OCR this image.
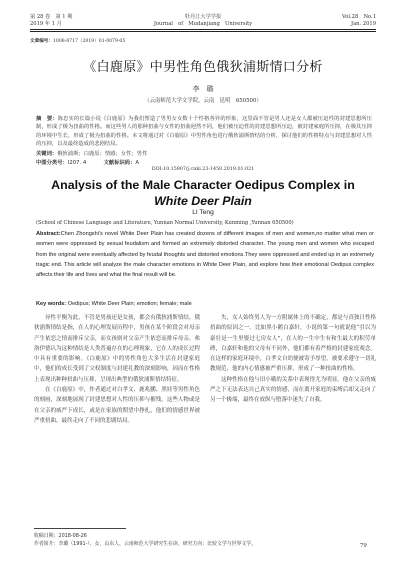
第 28 卷　第 1 期
2019 年 1 月
牡丹江大学学报
Journal　of　Mudanjiang　University
Vol.28　No.1
Jan. 2019
文章编号：1008-8717（2019）01-0079-05
《白鹿原》中男性角色俄狄浦斯情口分析
李　璐
（云南师范大学文学院，云南　昆明　650500）
摘　要：陈忠实的长篇小说《白鹿原》为我们塑造了男男女女数十个性格各异的形象，这里面不管是男人还是女人都被压迫性的封建思想所压制，形成了极为扭曲的性格。而这些男人的那种扭曲与女性的扭曲迥然不同，他们被压迫性的封建思想所压迫，被封建家庭所压抑，在极其压抑的环境中生长，形成了极为扭曲的性格。本文将通过对《白鹿原》中男性角色进行俄狄浦斯情结的分析，探讨他们的性格特点与封建思想对人性的压抑，以及最终造成的悲剧结局。
关键词：俄狄浦斯；白鹿原；情感；女性；男性
中图分类号：I207. 4	文献标识码：A
DOI:10.15907/j.cnki.23-1450.2019.01.021
Analysis of the Male Character Oedipus Complex in
White Deer Plain
LI Teng
(School of Chinese Language and Literature, Yunnan Normal University, Kunming ,Yunnan 650500)
Abstract:Chen Zhongshi's novel White Deer Plain has created dozens of different images of men and women,no matter what men or women were oppressed by sexual feudalism and formed an extremely distorted character. The young men and women who escaped from the original were eventually affected by feudal thoughts and distorted emotions.They were oppressed and ended up in an extremely tragic end. This article will analyze the male character emotions in White Deer Plain, and explore how their emotional Oedipus complex affects their life and lives and what the final result will be.
Key words: Oedipus; White Deer Plain; emotion; female; male

异性平衡为此，不管是男孩还是女孩，都会有俄狄浦斯情结。俄狄浦斯情结是指，在人的心理发展历程中，男孩在某个阶段会对母亲产生依恋之情而排斥父亲，而女孩则对父亲产生依恋而排斥母亲。弗洛伊德认为这种情结是人类普遍存在的心理现象，它在人的成长过程中具有重要的影响。《白鹿原》中的男性角色大多生活在封建家庭中，他们的成长受到了父权制度与封建礼教的深刻影响，因而在性格上表现出种种扭曲与压抑，呈现出典型的俄狄浦斯情结特征。

在《白鹿原》中，作者通过对白孝文、鹿兆鹏、黑娃等男性角色的刻画，深刻地展现了封建思想对人性的压抑与摧残。这些人物或是在父亲的威严下成长，或是在家族的期望中挣扎，他们的情感世界被严重扭曲，最终走向了不同的悲剧结局。

失，女人始终男人为一方附属体上的不确定，都是与真独日性格扭曲的原因之一。比如黑小鹅白嘉轩，小说的第一句就说他“引以为豪壮是一生里娶过七房女人”，在人的一生中生有和生最大的积劳单碑，白嘉轩和他的父母有不同外，他们都有着严格的封建家庭观念。在这样的家庭环境中，白孝文自幼便被寄予厚望，被要求遵守一切礼教规范，他的内心情感被严重压抑，形成了一种扭曲的性格。

这种性格在他与田小娥的关系中表现得尤为明显。他在父亲的威严之下无法表达自己真实的情感，而在离开家庭的束缚后却又走向了另一个极端，最终在放纵与堕落中迷失了自我。

收稿日期：2018-08-26
作者简介：李璐（1991-），女，山东人，云南师范大学研究生在读，研究方向：比较文学与世界文学。	79
